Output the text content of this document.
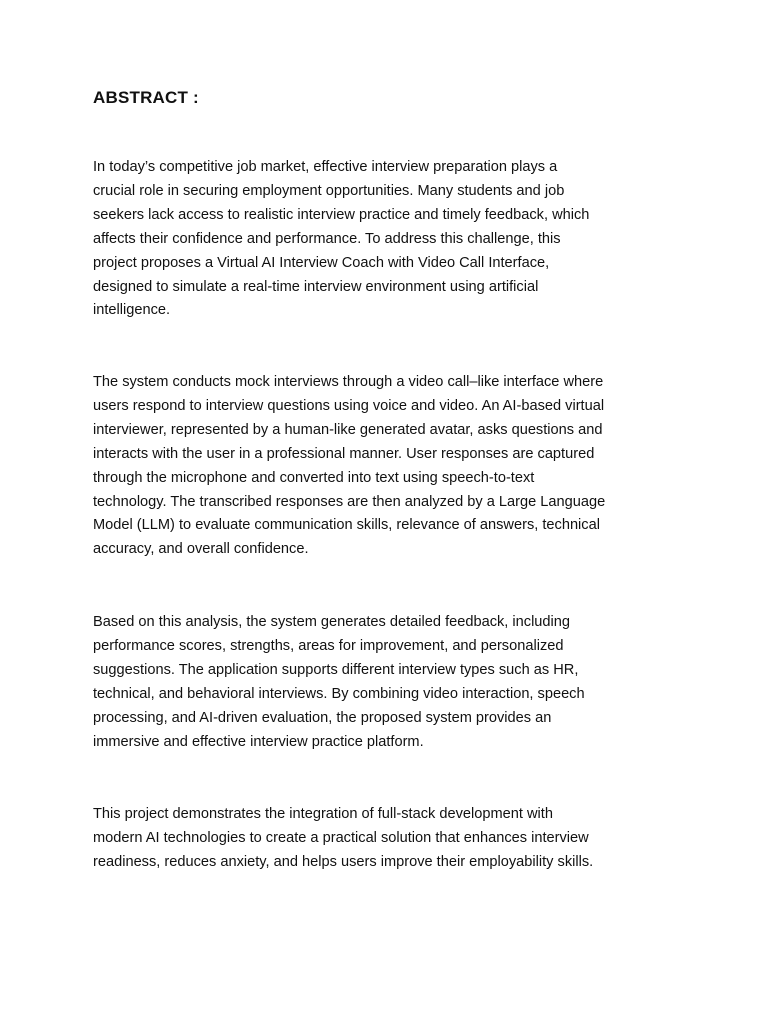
ABSTRACT :

In today’s competitive job market, effective interview preparation plays a
crucial role in securing employment opportunities. Many students and job
seekers lack access to realistic interview practice and timely feedback, which
affects their confidence and performance. To address this challenge, this
project proposes a Virtual AI Interview Coach with Video Call Interface,
designed to simulate a real-time interview environment using artificial
intelligence.

The system conducts mock interviews through a video call–like interface where
users respond to interview questions using voice and video. An AI-based virtual
interviewer, represented by a human-like generated avatar, asks questions and
interacts with the user in a professional manner. User responses are captured
through the microphone and converted into text using speech-to-text
technology. The transcribed responses are then analyzed by a Large Language
Model (LLM) to evaluate communication skills, relevance of answers, technical
accuracy, and overall confidence.

Based on this analysis, the system generates detailed feedback, including
performance scores, strengths, areas for improvement, and personalized
suggestions. The application supports different interview types such as HR,
technical, and behavioral interviews. By combining video interaction, speech
processing, and AI-driven evaluation, the proposed system provides an
immersive and effective interview practice platform.

This project demonstrates the integration of full-stack development with
modern AI technologies to create a practical solution that enhances interview
readiness, reduces anxiety, and helps users improve their employability skills.
